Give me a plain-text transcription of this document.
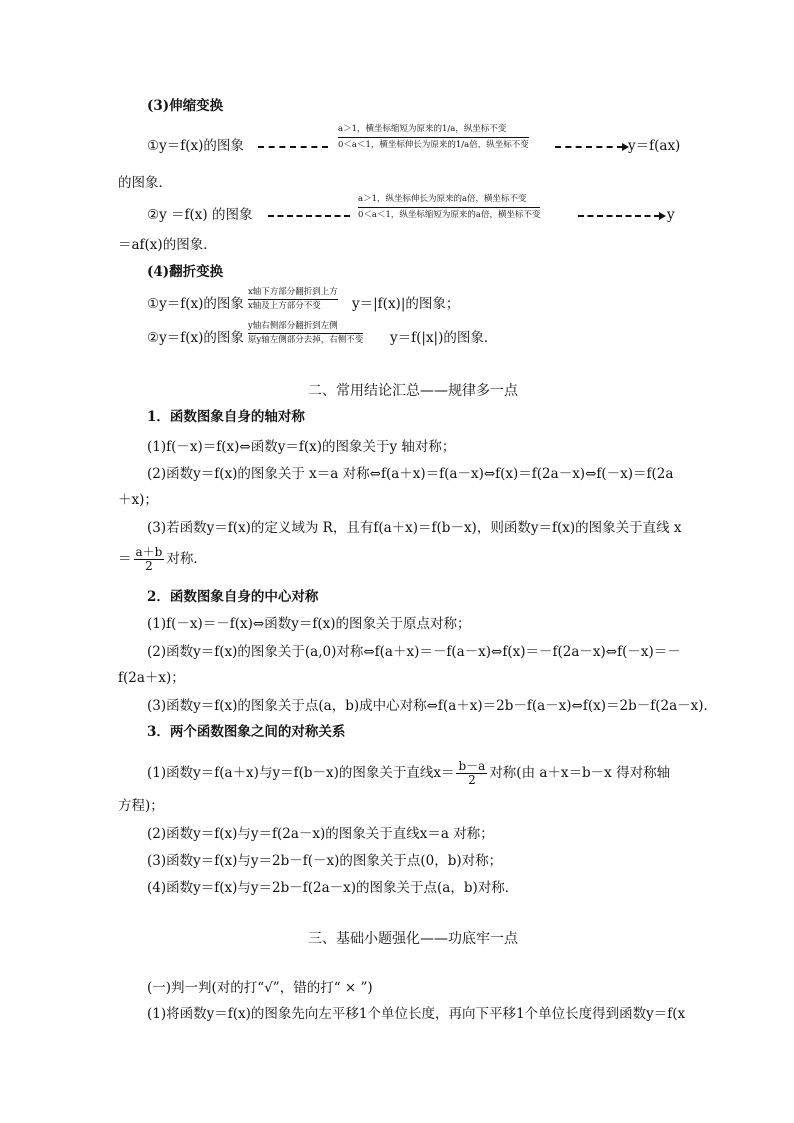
(3)伸缩变换
①y＝f(x)的图象
a＞1，横坐标缩短为原来的1/a，纵坐标不变
0＜a＜1，横坐标伸长为原来的1/a倍，纵坐标不变	y＝f(ax)
的图象．
②y ＝f(x) 的图象
a＞1，纵坐标伸长为原来的a倍，横坐标不变
0＜a＜1，纵坐标缩短为原来的a倍，横坐标不变	y
＝af(x)的图象．
(4)翻折变换
①y＝f(x)的图象
x轴下方部分翻折到上方
x轴及上方部分不变	y＝|f(x)|的图象；
②y＝f(x)的图象
y轴右侧部分翻折到左侧
原y轴左侧部分去掉，右侧不变 y＝f(|x|)的图象．
二、常用结论汇总——规律多一点
1．函数图象自身的轴对称
(1)f(－x)＝f(x)⇔函数y＝f(x)的图象关于y 轴对称；
(2)函数y＝f(x)的图象关于 x＝a 对称⇔f(a＋x)＝f(a－x)⇔f(x)＝f(2a－x)⇔f(－x)＝f(2a
＋x)；
(3)若函数y＝f(x)的定义域为 R，且有f(a＋x)＝f(b－x)，则函数y＝f(x)的图象关于直线 x
＝ $\frac{a+b}{2}$ 对称．
2．函数图象自身的中心对称
(1)f(－x)＝－f(x)⇔函数y＝f(x)的图象关于原点对称；
(2)函数y＝f(x)的图象关于(a,0)对称⇔f(a＋x)＝－f(a－x)⇔f(x)＝－f(2a－x)⇔f(－x)＝－
f(2a＋x)；
(3)函数y＝f(x)的图象关于点(a，b)成中心对称⇔f(a＋x)＝2b－f(a－x)⇔f(x)＝2b－f(2a－x)．
3．两个函数图象之间的对称关系
(1)函数y＝f(a＋x)与y＝f(b－x)的图象关于直线$x= \frac{b-a}{2}$ 对称(由 a＋x＝b－x 得对称轴
方程)；
(2)函数y＝f(x)与y＝f(2a－x)的图象关于直线x＝a 对称；
(3)函数y＝f(x)与y＝2b－f(－x)的图象关于点(0，b)对称；
(4)函数y＝f(x)与y＝2b－f(2a－x)的图象关于点(a，b)对称．
三、基础小题强化——功底牢一点
(一)判一判(对的打“√”，错的打“ × ”)
(1)将函数y＝f(x)的图象先向左平移1个单位长度，再向下平移1个单位长度得到函数y＝f(x
